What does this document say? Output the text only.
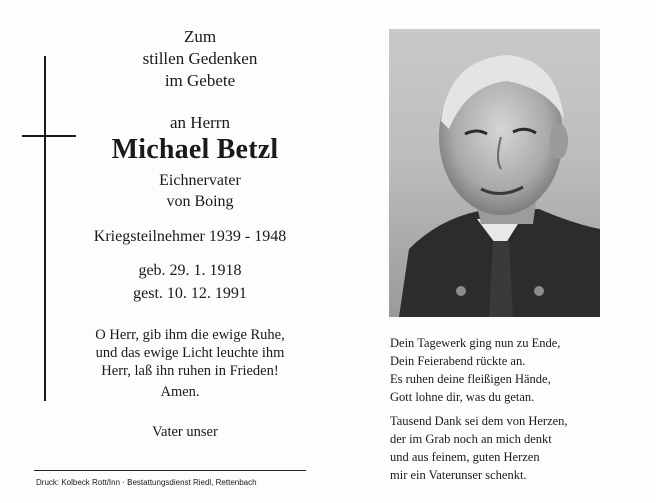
Zum
stillen Gedenken
im Gebete
an Herrn
Michael Betzl
Eichnervater
von Boing
Kriegsteilnehmer 1939 - 1948
geb. 29. 1. 1918
gest. 10. 12. 1991
O Herr, gib ihm die ewige Ruhe,
und das ewige Licht leuchte ihm
Herr, laß ihn ruhen in Frieden!
Amen.
Vater unser
Druck: Kolbeck Rott/Inn · Bestattungsdienst Riedl, Rettenbach
Dein Tagewerk ging nun zu Ende,
Dein Feierabend rückte an.
Es ruhen deine fleißigen Hände,
Gott lohne dir, was du getan.
Tausend Dank sei dem von Herzen,
der im Grab noch an mich denkt
und aus feinem, guten Herzen
mir ein Vaterunser schenkt.
